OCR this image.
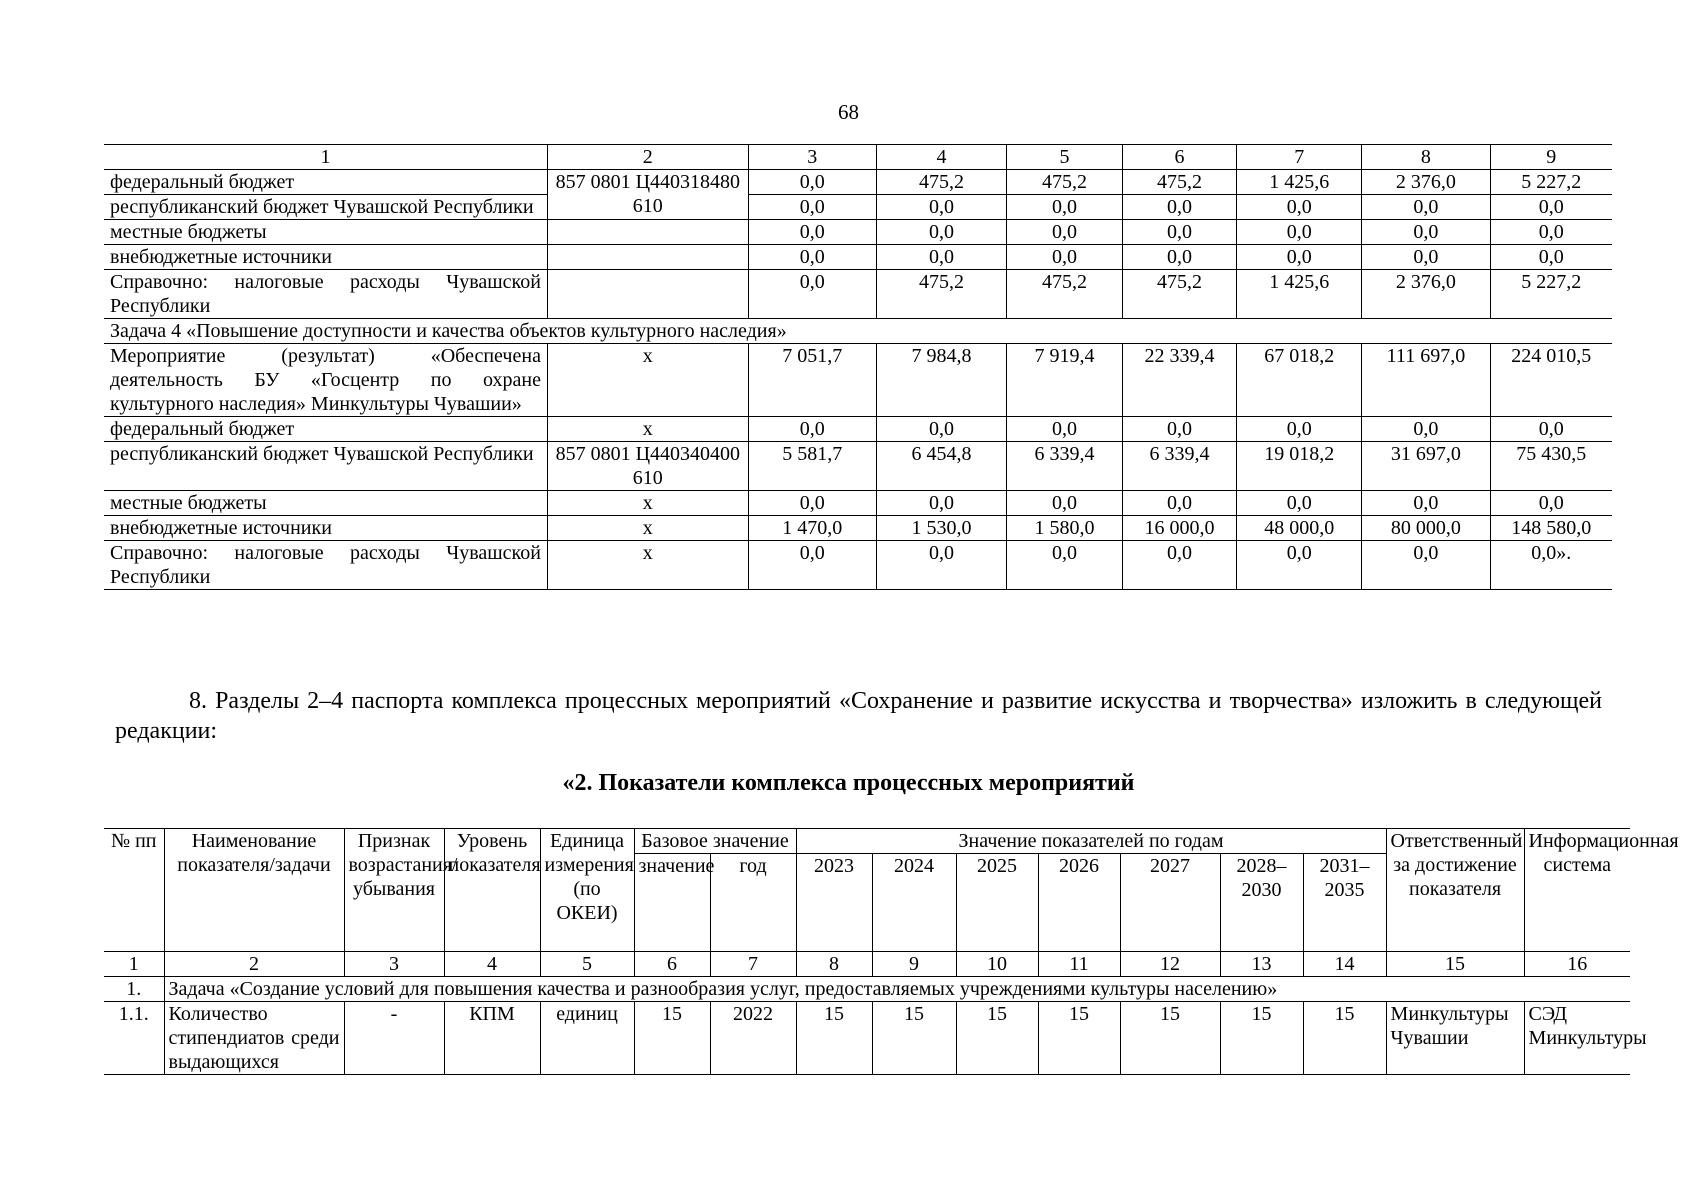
68
1	2	3	4	5	6	7	8	9
федеральный бюджет	857 0801 Ц440318480 610	0,0	475,2	475,2	475,2	1 425,6	2 376,0	5 227,2
республиканский бюджет Чувашской Республики		0,0	0,0	0,0	0,0	0,0	0,0	0,0
местные бюджеты		0,0	0,0	0,0	0,0	0,0	0,0	0,0
внебюджетные источники		0,0	0,0	0,0	0,0	0,0	0,0	0,0
Справочно: налоговые расходы Чувашской Республики		0,0	475,2	475,2	475,2	1 425,6	2 376,0	5 227,2
Задача 4 «Повышение доступности и качества объектов культурного наследия»								
Мероприятие (результат) «Обеспечена деятельность БУ «Госцентр по охране культурного наследия» Минкультуры Чувашии»	х	7 051,7	7 984,8	7 919,4	22 339,4	67 018,2	111 697,0	224 010,5
федеральный бюджет	х	0,0	0,0	0,0	0,0	0,0	0,0	0,0
республиканский бюджет Чувашской Республики	857 0801 Ц440340400 610	5 581,7	6 454,8	6 339,4	6 339,4	19 018,2	31 697,0	75 430,5
местные бюджеты	х	0,0	0,0	0,0	0,0	0,0	0,0	0,0
внебюджетные источники	х	1 470,0	1 530,0	1 580,0	16 000,0	48 000,0	80 000,0	148 580,0
Справочно: налоговые расходы Чувашской Республики	х	0,0	0,0	0,0	0,0	0,0	0,0	0,0».
8. Разделы 2–4 паспорта комплекса процессных мероприятий «Сохранение и развитие искусства и творчества» изложить в следующей редакции:
«2. Показатели комплекса процессных мероприятий
№ пп	Наименование показателя/задачи	Признак возрастания/ убывания	Уровень показателя	Единица измерения (по ОКЕИ)	Базовое значение		Значение показателей по годам							Ответственный за достижение показателя	Информационная система
					значение	год	2023	2024	2025	2026	2027	2028–2030	2031–2035		
1	2	3	4	5	6	7	8	9	10	11	12	13	14	15	16
1.	Задача «Создание условий для повышения качества и разнообразия услуг, предоставляемых учреждениями культуры населению»														
1.1.	Количество стипендиатов среди выдающихся	-	КПМ	единиц	15	2022	15	15	15	15	15	15	15	Минкультуры Чувашии	СЭД Минкультуры
